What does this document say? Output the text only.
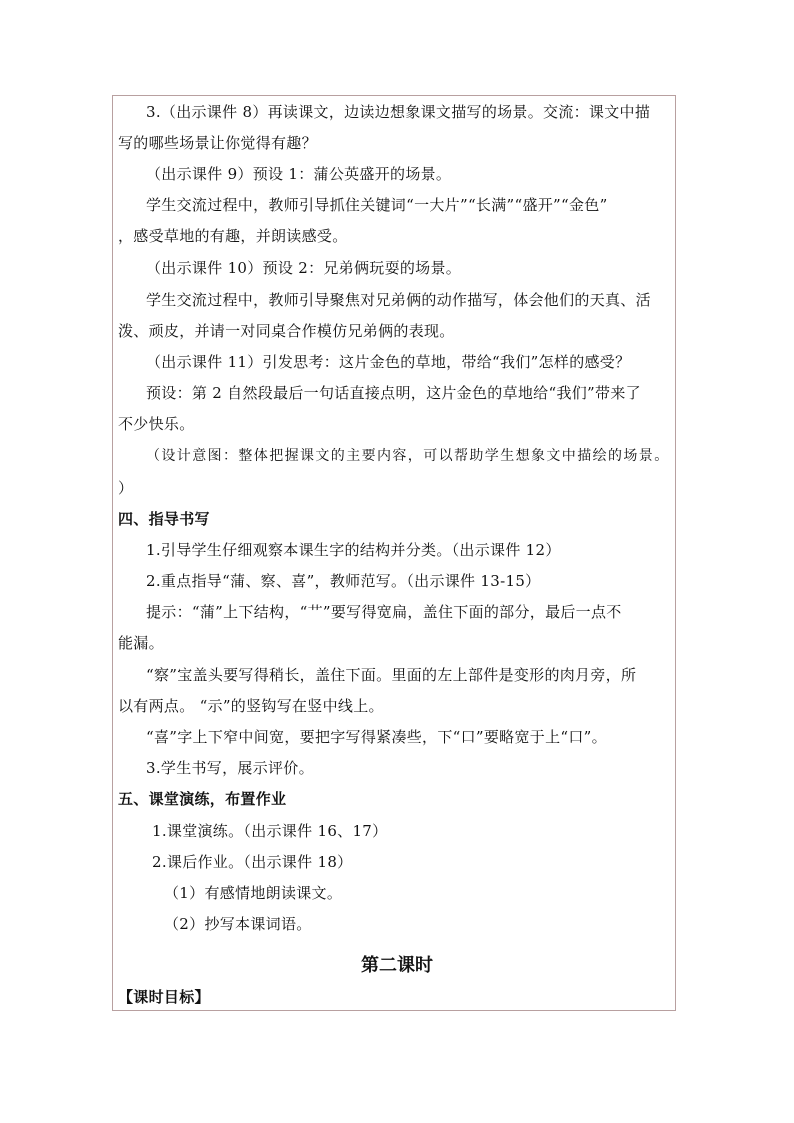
3.（出示课件 8）再读课文，边读边想象课文描写的场景。交流：课文中描
写的哪些场景让你觉得有趣？
（出示课件 9）预设 1：蒲公英盛开的场景。
学生交流过程中，教师引导抓住关键词“一大片”“长满”“盛开”“金色”
，感受草地的有趣，并朗读感受。
（出示课件 10）预设 2：兄弟俩玩耍的场景。
学生交流过程中，教师引导聚焦对兄弟俩的动作描写，体会他们的天真、活
泼、顽皮，并请一对同桌合作模仿兄弟俩的表现。
（出示课件 11）引发思考：这片金色的草地，带给“我们”怎样的感受？
预设：第 2 自然段最后一句话直接点明，这片金色的草地给“我们”带来了
不少快乐。
（设计意图：整体把握课文的主要内容，可以帮助学生想象文中描绘的场景。
）
四、指导书写
1.引导学生仔细观察本课生字的结构并分类。（出示课件 12）
2.重点指导“蒲、察、喜”，教师范写。（出示课件 13-15）
提示：“蒲”上下结构，“艹”要写得宽扁，盖住下面的部分，最后一点不
能漏。
“察”宝盖头要写得稍长，盖住下面。里面的左上部件是变形的肉月旁，所
以有两点。 “示”的竖钩写在竖中线上。
“喜”字上下窄中间宽，要把字写得紧凑些，下“口”要略宽于上“口”。
3.学生书写，展示评价。
五、课堂演练，布置作业
1.课堂演练。（出示课件 16、17）
2.课后作业。（出示课件 18）
（1）有感情地朗读课文。
（2）抄写本课词语。
第二课时
【课时目标】
